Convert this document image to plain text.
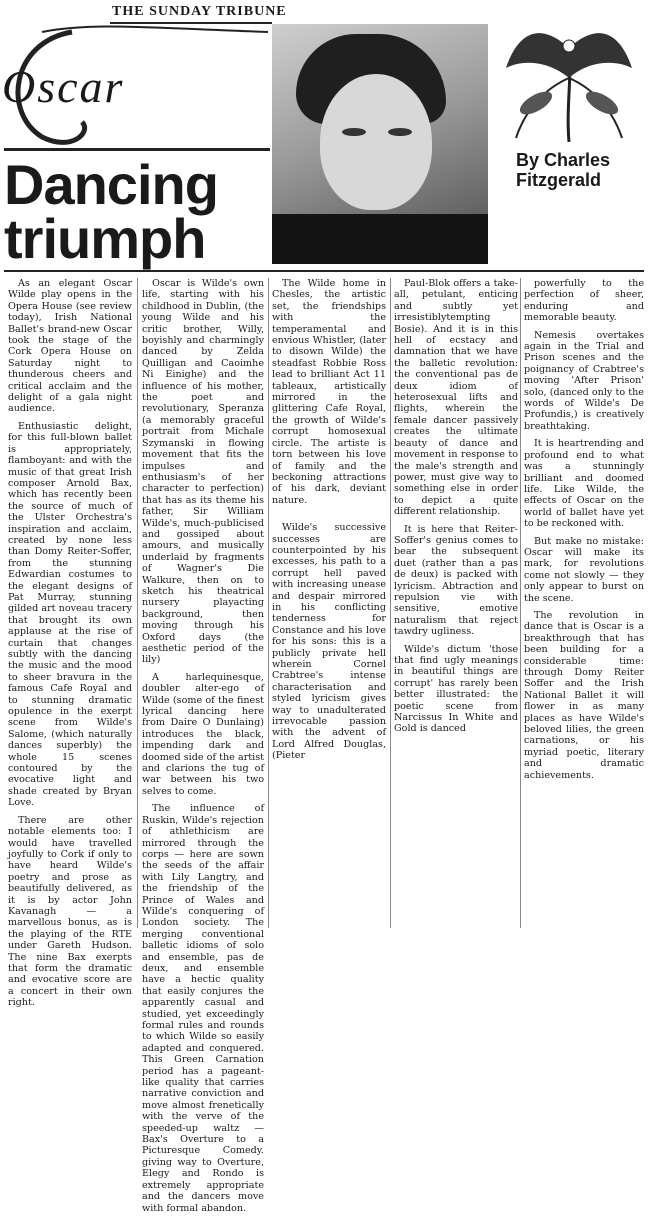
THE SUNDAY TRIBUNE
Oscar
Dancing
triumph
By Charles
Fitzgerald

As an elegant Oscar Wilde play opens in the Opera House (see review today), Irish National Ballet's brand-new Oscar took the stage of the Cork Opera House on Saturday night to thunderous cheers and critical acclaim and the delight of a gala night audience.

Enthusiastic delight, for this full-blown ballet is appropriately, flamboyant: and with the music of that great Irish composer Arnold Bax, which has recently been the source of much of the Ulster Orchestra's inspiration and acclaim, created by none less than Domy Reiter-Soffer, from the stunning Edwardian costumes to the elegant designs of Pat Murray, stunning gilded art noveau tracery that brought its own applause at the rise of curtain that changes subtly with the dancing the music and the mood to sheer bravura in the famous Cafe Royal and to stunning dramatic opulence in the exerpt scene from Wilde's Salome, (which naturally dances superbly) the whole 15 scenes contoured by the evocative light and shade created by Bryan Love.

There are other notable elements too: I would have travelled joyfully to Cork if only to have heard Wilde's poetry and prose as beautifully delivered, as it is by actor John Kavanagh — a marvellous bonus, as is the playing of the RTE under Gareth Hudson. The nine Bax exerpts that form the dramatic and evocative score are a concert in their own right.

Oscar is Wilde's own life, starting with his childhood in Dublin, (the young Wilde and his critic brother, Willy, boyishly and charmingly danced by Zelda Quilligan and Caoimhe Ni Einighe) and the influence of his mother, the poet and revolutionary, Speranza (a memorably graceful portrait from Michale Szymanski in flowing movement that fits the impulses and enthusiasm's of her character to perfection) that has as its theme his father, Sir William Wilde's, much-publicised and gossiped about amours, and musically underlaid by fragments of Wagner's Die Walkure, then on to sketch his theatrical nursery playacting background, then moving through his Oxford days (the aesthetic period of the lily)

A harlequinesque, doubler alter-ego of Wilde (some of the finest lyrical dancing here from Daire O Dunlaing) introduces the black, impending dark and doomed side of the artist and clarions the tug of war between his two selves to come.

The influence of Ruskin, Wilde's rejection of athlethicism are mirrored through the corps — here are sown the seeds of the affair with Lily Langtry, and the friendship of the Prince of Wales and Wilde's conquering of London society. The merging conventional balletic idioms of solo and ensemble, pas de deux, and ensemble have a hectic quality that easily conjures the apparently casual and studied, yet exceedingly formal rules and rounds to which Wilde so easily adapted and conquered. This Green Carnation period has a pageant-like quality that carries narrative conviction and move almost frenetically with the verve of the speeded-up waltz — Bax's Overture to a Picturesque Comedy. giving way to Overture, Elegy and Rondo is extremely appropriate and the dancers move with formal abandon.

The Wilde home in Chesles, the artistic set, the friendships with the temperamental and envious Whistler, (later to disown Wilde) the steadfast Robbie Ross lead to brilliant Act 11 tableaux, artistically mirrored in the glittering Cafe Royal, the growth of Wilde's corrupt homosexual circle. The artiste is torn between his love of family and the beckoning attractions of his dark, deviant nature.

Wilde's successive successes are counterpointed by his excesses, his path to a corrupt hell paved with increasing unease and despair mirrored in his conflicting tenderness for Constance and his love for his sons: this is a publicly private hell wherein Cornel Crabtree's intense characterisation and styled lyricism gives way to unadulterated irrevocable passion with the advent of Lord Alfred Douglas, (Pieter

Paul-Blok offers a take-all, petulant, enticing and subtly yet irresistiblytempting Bosie). And it is in this hell of ecstacy and damnation that we have the balletic revolution: the conventional pas de deux idiom of heterosexual lifts and flights, wherein the female dancer passively creates the ultimate beauty of dance and movement in response to the male's strength and power, must give way to something else in order to depict a quite different relationship.

It is here that Reiter-Soffer's genius comes to bear the subsequent duet (rather than a pas de deux) is packed with lyricism. Abtraction and repulsion vie with sensitive, emotive naturalism that reject tawdry ugliness.

Wilde's dictum 'those that find ugly meanings in beautiful things are corrupt' has rarely been better illustrated: the poetic scene from Narcissus In White and Gold is danced

powerfully to the perfection of sheer, enduring and memorable beauty.

Nemesis overtakes again in the Trial and Prison scenes and the poignancy of Crabtree's moving 'After Prison' solo, (danced only to the words of Wilde's De Profundis,) is creatively breathtaking.

It is heartrending and profound end to what was a stunningly brilliant and doomed life. Like Wilde, the effects of Oscar on the world of ballet have yet to be reckoned with.

But make no mistake: Oscar will make its mark, for revolutions come not slowly — they only appear to burst on the scene.

The revolution in dance that is Oscar is a breakthrough that has been building for a considerable time: through Domy Reiter Soffer and the Irish National Ballet it will flower in as many places as have Wilde's beloved lilies, the green carnations, or his myriad poetic, literary and dramatic achievements.
